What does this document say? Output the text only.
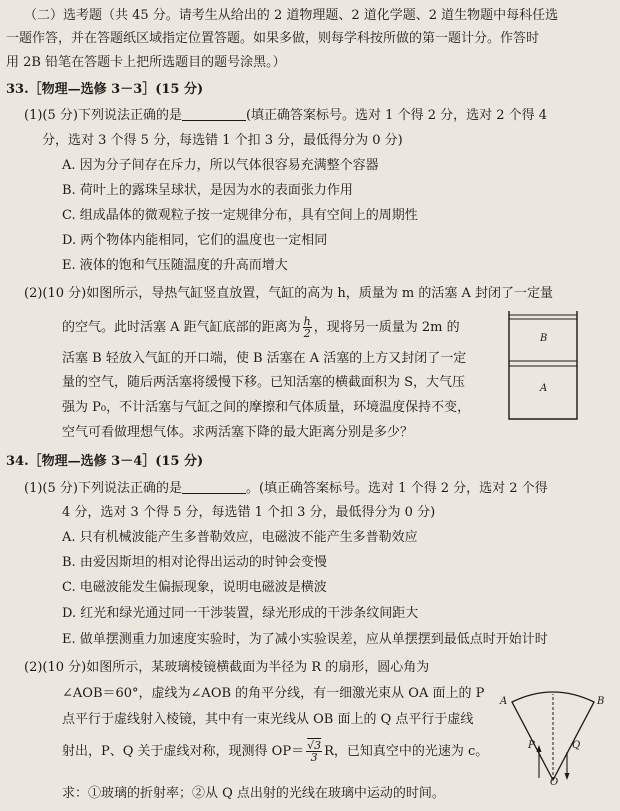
（二）选考题（共 45 分。请考生从给出的 2 道物理题、2 道化学题、2 道生物题中每科任选
一题作答，并在答题纸区域指定位置答题。如果多做，则每学科按所做的第一题计分。作答时
用 2B 铅笔在答题卡上把所选题目的题号涂黑。）
33.［物理—选修 3－3］(15 分)
(1)(5 分)下列说法正确的是	(填正确答案标号。选对 1 个得 2 分，选对 2 个得 4
分，选对 3 个得 5 分，每选错 1 个扣 3 分，最低得分为 0 分)
A. 因为分子间存在斥力，所以气体很容易充满整个容器
B. 荷叶上的露珠呈球状，是因为水的表面张力作用
C. 组成晶体的微观粒子按一定规律分布，具有空间上的周期性
D. 两个物体内能相同，它们的温度也一定相同
E. 液体的饱和气压随温度的升高而增大
(2)(10 分)如图所示，导热气缸竖直放置，气缸的高为 h，质量为 m 的活塞 A 封闭了一定量
的空气。此时活塞 A 距气缸底部的距离为 $\frac{h}{2}$ ，现将另一质量为 2m 的
活塞 B 轻放入气缸的开口端，使 B 活塞在 A 活塞的上方又封闭了一定
量的空气，随后两活塞将缓慢下移。已知活塞的横截面积为 S，大气压
强为 P₀，不计活塞与气缸之间的摩擦和气体质量，环境温度保持不变，
空气可看做理想气体。求两活塞下降的最大距离分别是多少？
B
A
34.［物理—选修 3－4］(15 分)
(1)(5 分)下列说法正确的是	。(填正确答案标号。选对 1 个得 2 分，选对 2 个得
4 分，选对 3 个得 5 分，每选错 1 个扣 3 分，最低得分为 0 分)
A. 只有机械波能产生多普勒效应，电磁波不能产生多普勒效应
B. 由爱因斯坦的相对论得出运动的时钟会变慢
C. 电磁波能发生偏振现象，说明电磁波是横波
D. 红光和绿光通过同一干涉装置，绿光形成的干涉条纹间距大
E. 做单摆测重力加速度实验时，为了减小实验误差，应从单摆摆到最低点时开始计时
(2)(10 分)如图所示，某玻璃棱镜横截面为半径为 R 的扇形，圆心角为
∠AOB＝60°，虚线为∠AOB 的角平分线，有一细激光束从 OA 面上的 P
点平行于虚线射入棱镜，其中有一束光线从 OB 面上的 Q 点平行于虚线
射出，P、Q 关于虚线对称，现测得 $OP= \frac{√3}{3}$ R，已知真空中的光速为 c。
求：①玻璃的折射率；②从 Q 点出射的光线在玻璃中运动的时间。
A	B
P	Q
O
